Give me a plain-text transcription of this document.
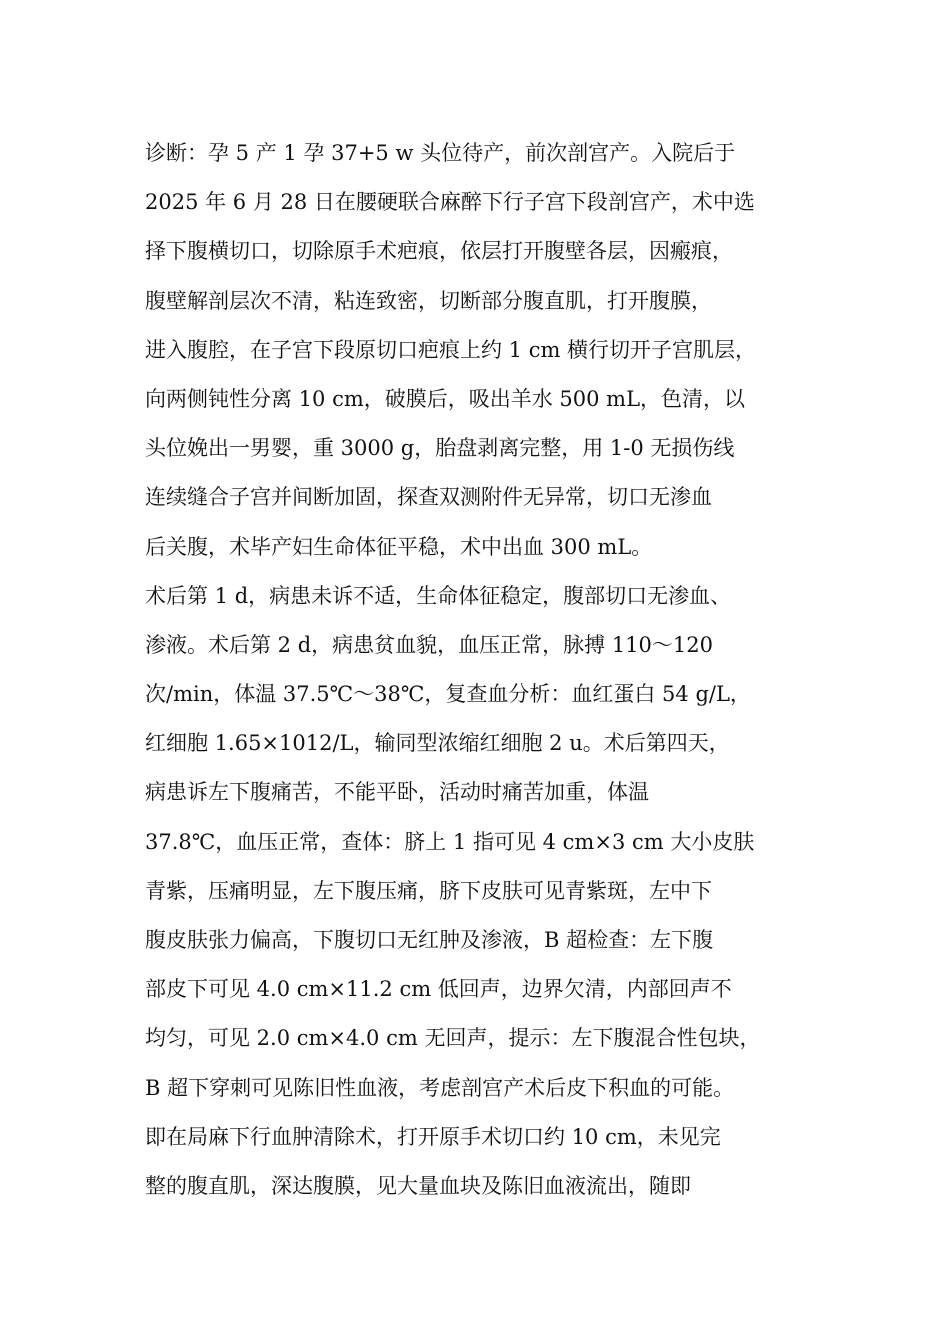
诊断：孕 5 产 1 孕 37+5 w 头位待产，前次剖宫产。入院后于
2025 年 6 月 28 日在腰硬联合麻醉下行子宫下段剖宫产，术中选
择下腹横切口，切除原手术疤痕，依层打开腹壁各层，因瘢痕，
腹壁解剖层次不清，粘连致密，切断部分腹直肌，打开腹膜，
进入腹腔，在子宫下段原切口疤痕上约 1 cm 横行切开子宫肌层，
向两侧钝性分离 10 cm，破膜后，吸出羊水 500 mL，色清，以
头位娩出一男婴，重 3000 g，胎盘剥离完整，用 1-0 无损伤线
连续缝合子宫并间断加固，探查双测附件无异常，切口无渗血
后关腹，术毕产妇生命体征平稳，术中出血 300 mL。
术后第 1 d，病患未诉不适，生命体征稳定，腹部切口无渗血、
渗液。术后第 2 d，病患贫血貌，血压正常，脉搏 110～120
次/min，体温 37.5℃～38℃，复查血分析：血红蛋白 54 g/L，
红细胞 1.65×1012/L，输同型浓缩红细胞 2 u。术后第四天，
病患诉左下腹痛苦，不能平卧，活动时痛苦加重，体温
37.8℃，血压正常，查体：脐上 1 指可见 4 cm×3 cm 大小皮肤
青紫，压痛明显，左下腹压痛，脐下皮肤可见青紫斑，左中下
腹皮肤张力偏高，下腹切口无红肿及渗液，B 超检查：左下腹
部皮下可见 4.0 cm×11.2 cm 低回声，边界欠清，内部回声不
均匀，可见 2.0 cm×4.0 cm 无回声，提示：左下腹混合性包块，
B 超下穿刺可见陈旧性血液，考虑剖宫产术后皮下积血的可能。
即在局麻下行血肿清除术，打开原手术切口约 10 cm，未见完
整的腹直肌，深达腹膜，见大量血块及陈旧血液流出，随即
